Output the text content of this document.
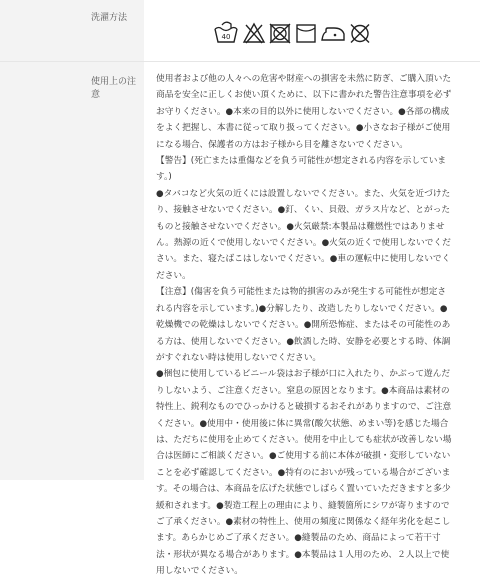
洗濯方法
40
使用上の注意

使用者および他の人々への危害や財産への損害を未然に防ぎ、ご購入頂いた商品を安全に正しくお使い頂くために、以下に書かれた警告注意事項を必ずお守りください。●本来の目的以外に使用しないでください。●各部の構成をよく把握し、本書に従って取り扱ってください。●小さなお子様がご使用になる場合、保護者の方はお子様から目を離さないでください。

【警告】(死亡または重傷などを負う可能性が想定される内容を示しています。)

●タバコなど火気の近くには設置しないでください。また、火気を近づけたり、接触させないでください。●釘、くい、貝殻、ガラス片など、とがったものと接触させないでください。●火気厳禁:本製品は難燃性ではありません。熱源の近くで使用しないでください。●火気の近くで使用しないでください。また、寝たばこはしないでください。●車の運転中に使用しないでください。

【注意】(傷害を負う可能性または物的損害のみが発生する可能性が想定される内容を示しています。)●分解したり、改造したりしないでください。●乾燥機での乾燥はしないでください。●開所恐怖症、またはその可能性のある方は、使用しないでください。●飲酒した時、安静を必要とする時、体調がすぐれない時は使用しないでください。

●梱包に使用しているビニール袋はお子様が口に入れたり、かぶって遊んだりしないよう、ご注意ください。窒息の原因となります。●本商品は素材の特性上、鋭利なものでひっかけると破損するおそれがありますので、ご注意ください。●使用中・使用後に体に異常(酸欠状態、めまい等)を感じた場合は、ただちに使用を止めてください。使用を中止しても症状が改善しない場合は医師にご相談ください。●ご使用する前に本体が破損・変形していないことを必ず確認してください。●特有のにおいが残っている場合がございます。その場合は、本商品を広げた状態でしばらく置いていただきますと多少緩和されます。●製造工程上の理由により、縫製箇所にシワが寄りますのでご了承ください。●素材の特性上、使用の頻度に関係なく経年劣化を起こします。あらかじめご了承ください。●縫製品のため、商品によって若干寸法・形状が異なる場合があります。●本製品は１人用のため、２人以上で使用しないでください。
